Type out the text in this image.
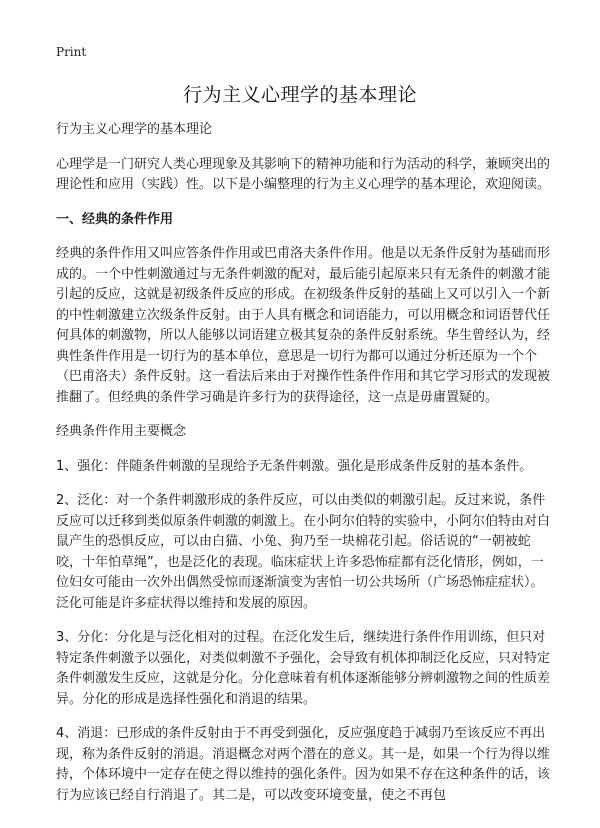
Print
行为主义心理学的基本理论

行为主义心理学的基本理论

心理学是一门研究人类心理现象及其影响下的精神功能和行为活动的科学，兼顾突出的理论性和应用（实践）性。以下是小编整理的行为主义心理学的基本理论，欢迎阅读。

一、经典的条件作用

经典的条件作用又叫应答条件作用或巴甫洛夫条件作用。他是以无条件反射为基础而形成的。一个中性刺激通过与无条件刺激的配对，最后能引起原来只有无条件的刺激才能引起的反应，这就是初级条件反应的形成。在初级条件反射的基础上又可以引入一个新的中性刺激建立次级条件反射。由于人具有概念和词语能力，可以用概念和词语替代任何具体的刺激物，所以人能够以词语建立极其复杂的条件反射系统。华生曾经认为，经典性条件作用是一切行为的基本单位，意思是一切行为都可以通过分析还原为一个个（巴甫洛夫）条件反射。这一看法后来由于对操作性条件作用和其它学习形式的发现被推翻了。但经典的条件学习确是许多行为的获得途径，这一点是毋庸置疑的。

经典条件作用主要概念

1、强化：伴随条件刺激的呈现给予无条件刺激。强化是形成条件反射的基本条件。

2、泛化：对一个条件刺激形成的条件反应，可以由类似的刺激引起。反过来说，条件反应可以迁移到类似原条件刺激的刺激上。在小阿尔伯特的实验中，小阿尔伯特由对白鼠产生的恐惧反应，可以由白猫、小兔、狗乃至一块棉花引起。俗话说的“一朝被蛇咬，十年怕草绳”，也是泛化的表现。临床症状上许多恐怖症都有泛化情形，例如，一位妇女可能由一次外出偶然受惊而逐渐演变为害怕一切公共场所（广场恐怖症症状）。泛化可能是许多症状得以维持和发展的原因。

3、分化：分化是与泛化相对的过程。在泛化发生后，继续进行条件作用训练，但只对特定条件刺激予以强化，对类似刺激不予强化，会导致有机体抑制泛化反应，只对特定条件刺激发生反应，这就是分化。分化意味着有机体逐渐能够分辨刺激物之间的性质差异。分化的形成是选择性强化和消退的结果。

4、消退：已形成的条件反射由于不再受到强化，反应强度趋于减弱乃至该反应不再出现，称为条件反射的消退。消退概念对两个潜在的意义。其一是，如果一个行为得以维持，个体环境中一定存在使之得以维持的强化条件。因为如果不存在这种条件的话，该行为应该已经自行消退了。其二是，可以改变环境变量，使之不再包
